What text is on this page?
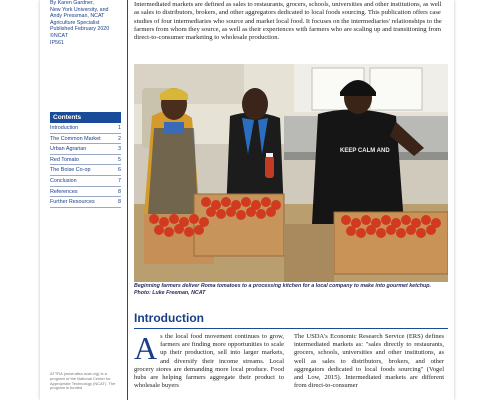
By Karen Gardner,
New York University, and
Andy Pressman, NCAT
Agriculture Specialist
Published February 2020
©NCAT
IP561
Contents
Introduction	1
The Common Market	2
Urban Agrarian	3
Red Tomato	5
The Boise Co-op	6
Conclusion	7
References	8
Further Resources	8
ATTRA (www.attra.ncat.org) is a program of the National Center for Appropriate Technology (NCAT). The program is funded

Intermediated markets are defined as sales to restaurants, grocers, schools, universities and other institutions, as well as sales to distributors, brokers, and other aggregators dedicated to local foods sourcing. This publication offers case studies of four intermediaries who source and market local food. It focuses on the intermediaries' relationships to the farmers from whom they source, as well as their experiences with farmers who are scaling up and transitioning from direct-to-consumer marketing to wholesale production.

KEEP CALM AND
Beginning farmers deliver Roma tomatoes to a processing kitchen for a local company to make into gourmet ketchup. Photo: Luke Freeman, NCAT
Introduction
As the local food movement continues to grow, farmers are finding more opportunities to scale up their production, sell into larger markets, and diversify their income streams. Local grocery stores are demanding more local produce. Food hubs are helping farmers aggregate their product to wholesale buyers
The USDA's Economic Research Service (ERS) defines intermediated markets as: "sales directly to restaurants, grocers, schools, universities and other institutions, as well as sales to distributors, brokers, and other aggregators dedicated to local foods sourcing" (Vogel and Low, 2015). Intermediated markets are different from direct-to-consumer
